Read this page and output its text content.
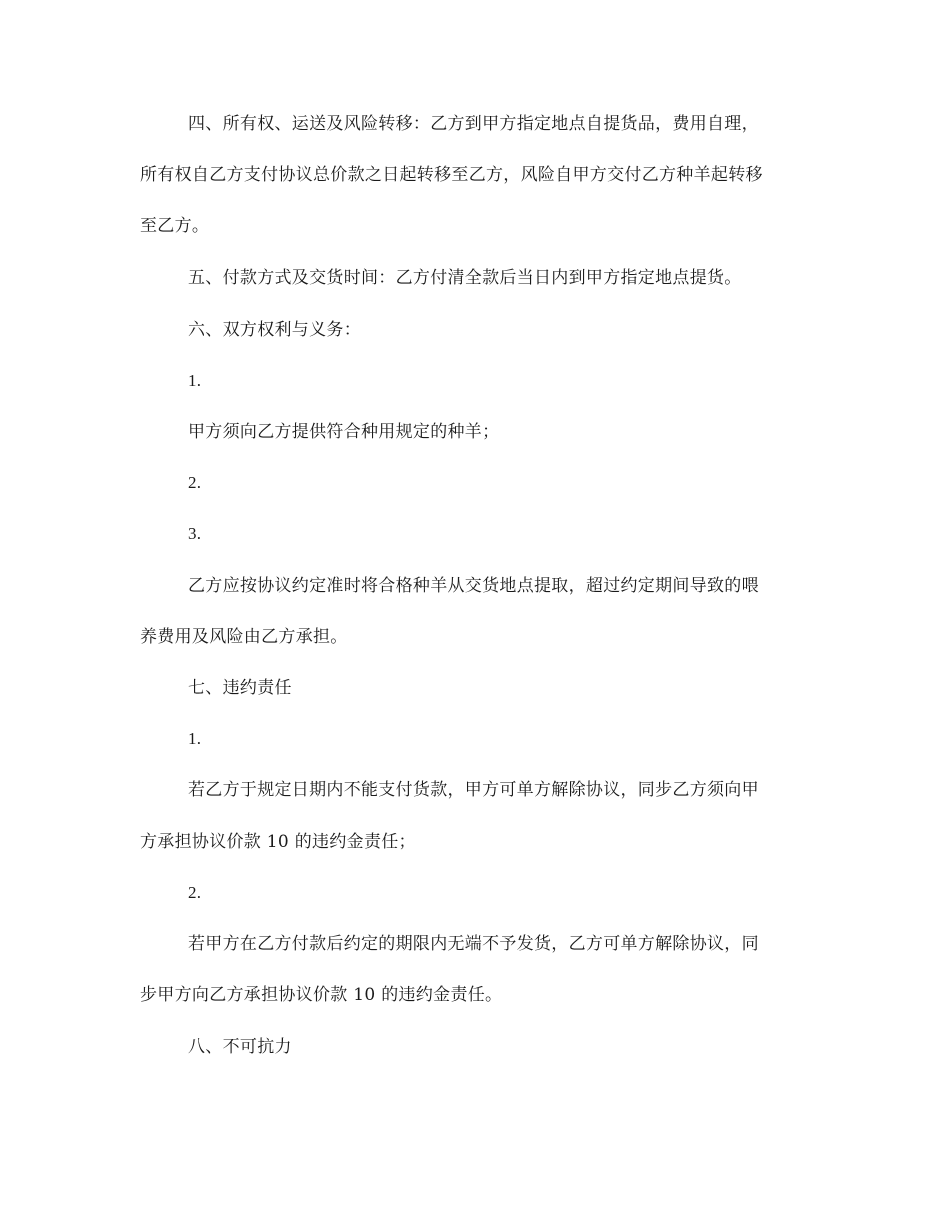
四、所有权、运送及风险转移：乙方到甲方指定地点自提货品，费用自理，
所有权自乙方支付协议总价款之日起转移至乙方，风险自甲方交付乙方种羊起转移
至乙方。
五、付款方式及交货时间：乙方付清全款后当日内到甲方指定地点提货。
六、双方权利与义务：
1.
甲方须向乙方提供符合种用规定的种羊；
2.
3.
乙方应按协议约定准时将合格种羊从交货地点提取，超过约定期间导致的喂
养费用及风险由乙方承担。
七、违约责任
1.
若乙方于规定日期内不能支付货款，甲方可单方解除协议，同步乙方须向甲
方承担协议价款 10 的违约金责任；
2.
若甲方在乙方付款后约定的期限内无端不予发货，乙方可单方解除协议，同
步甲方向乙方承担协议价款 10 的违约金责任。
八、不可抗力
